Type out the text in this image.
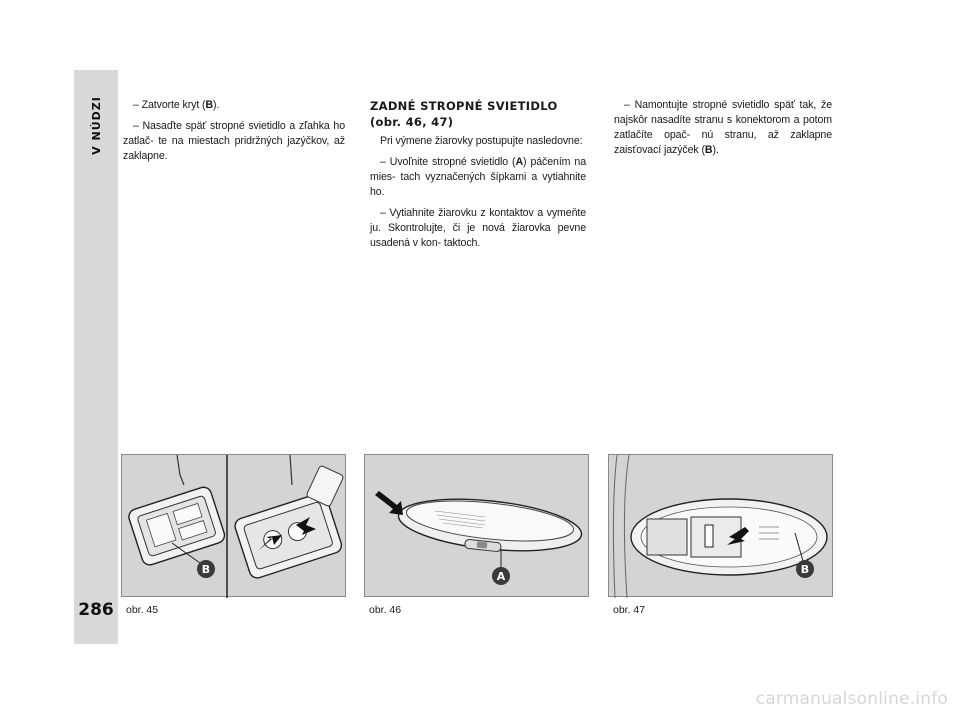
V NÚDZI
286

– Zatvorte kryt (B).

– Nasaďte späť stropné svietidlo a zľahka ho zatlač- te na miestach pridržných jazýčkov, až zaklapne.

ZADNÉ STROPNÉ SVIETIDLO
(obr. 46, 47)

Pri výmene žiarovky postupujte nasledovne:

– Uvoľnite stropné svietidlo (A) páčením na mies- tach vyznačených šípkami a vytiahnite ho.

– Vytiahnite žiarovku z kontaktov a vymeňte ju. Skontrolujte, či je nová žiarovka pevne usadená v kon- taktoch.

– Namontujte stropné svietidlo späť tak, že najskôr nasadíte stranu s konektorom a potom zatlačíte opač- nú stranu, až zaklapne zaisťovací jazýček (B).

B
obr. 45
A
obr. 46
B
obr. 47
carmanualsonline.info
